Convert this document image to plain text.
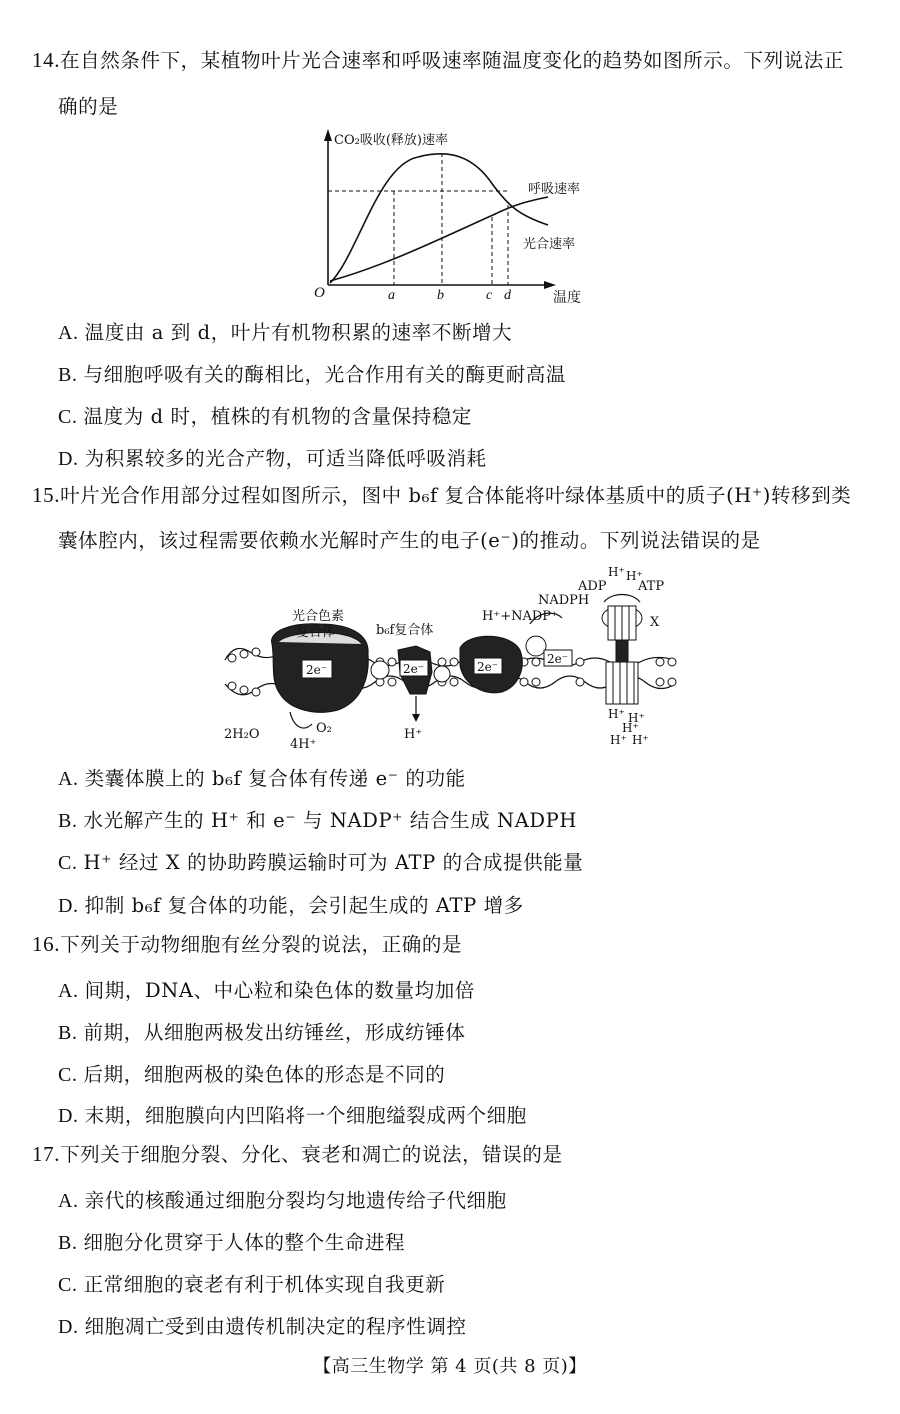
14.在自然条件下，某植物叶片光合速率和呼吸速率随温度变化的趋势如图所示。下列说法正
确的是
CO₂吸收(释放)速率
温度
O
呼吸速率
光合速率
a	b	c d
A. 温度由 a 到 d，叶片有机物积累的速率不断增大
B. 与细胞呼吸有关的酶相比，光合作用有关的酶更耐高温
C. 温度为 d 时，植株的有机物的含量保持稳定
D. 为积累较多的光合产物，可适当降低呼吸消耗
15.叶片光合作用部分过程如图所示，图中 b₆f 复合体能将叶绿体基质中的质子(H⁺)转移到类
囊体腔内，该过程需要依赖水光解时产生的电子(e⁻)的推动。下列说法错误的是
2e⁻	2e⁻	2e⁻
2e⁻
光合色素
复合体	b₆f复合体
H⁺+NADP⁺
NADPH
ADP ATP
H⁺ H⁺
X
2H₂O	O₂
4H⁺
H⁺
H⁺ H⁺
H⁺
H⁺ H⁺
A. 类囊体膜上的 b₆f 复合体有传递 e⁻ 的功能
B. 水光解产生的 H⁺ 和 e⁻ 与 NADP⁺ 结合生成 NADPH
C. H⁺ 经过 X 的协助跨膜运输时可为 ATP 的合成提供能量
D. 抑制 b₆f 复合体的功能，会引起生成的 ATP 增多
16.下列关于动物细胞有丝分裂的说法，正确的是
A. 间期，DNA、中心粒和染色体的数量均加倍
B. 前期，从细胞两极发出纺锤丝，形成纺锤体
C. 后期，细胞两极的染色体的形态是不同的
D. 末期，细胞膜向内凹陷将一个细胞缢裂成两个细胞
17.下列关于细胞分裂、分化、衰老和凋亡的说法，错误的是
A. 亲代的核酸通过细胞分裂均匀地遗传给子代细胞
B. 细胞分化贯穿于人体的整个生命进程
C. 正常细胞的衰老有利于机体实现自我更新
D. 细胞凋亡受到由遗传机制决定的程序性调控
【高三生物学 第 4 页(共 8 页)】
